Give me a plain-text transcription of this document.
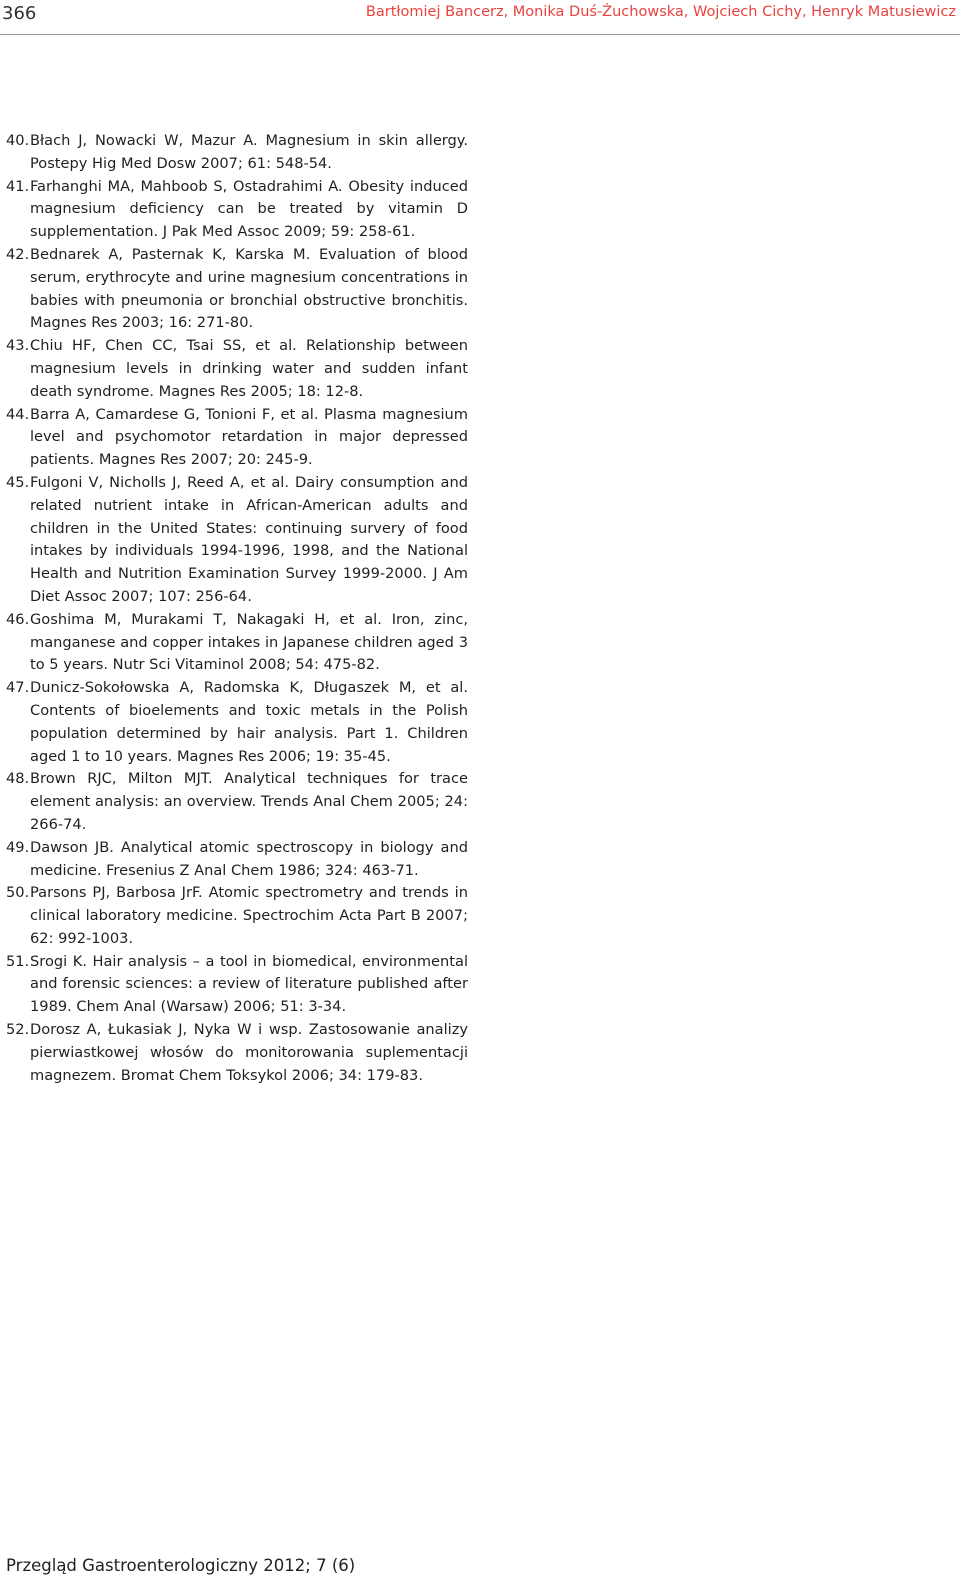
366	Bartłomiej Bancerz, Monika Duś-Żuchowska, Wojciech Cichy, Henryk Matusiewicz
40. Błach J, Nowacki W, Mazur A. Magnesium in skin allergy. Postepy Hig Med Dosw 2007; 61: 548-54.
41. Farhanghi MA, Mahboob S, Ostadrahimi A. Obesity induced magnesium deficiency can be treated by vitamin D supplementation. J Pak Med Assoc 2009; 59: 258-61.
42. Bednarek A, Pasternak K, Karska M. Evaluation of blood serum, erythrocyte and urine magnesium concentrations in babies with pneumonia or bronchial obstructive bronchitis. Magnes Res 2003; 16: 271-80.
43. Chiu HF, Chen CC, Tsai SS, et al. Relationship between magnesium levels in drinking water and sudden infant death syndrome. Magnes Res 2005; 18: 12-8.
44. Barra A, Camardese G, Tonioni F, et al. Plasma magnesium level and psychomotor retardation in major depressed patients. Magnes Res 2007; 20: 245-9.
45. Fulgoni V, Nicholls J, Reed A, et al. Dairy consumption and related nutrient intake in African-American adults and children in the United States: continuing survery of food intakes by individuals 1994-1996, 1998, and the National Health and Nutrition Examination Survey 1999-2000. J Am Diet Assoc 2007; 107: 256-64.
46. Goshima M, Murakami T, Nakagaki H, et al. Iron, zinc, manganese and copper intakes in Japanese children aged 3 to 5 years. Nutr Sci Vitaminol 2008; 54: 475-82.
47. Dunicz-Sokołowska A, Radomska K, Długaszek M, et al. Contents of bioelements and toxic metals in the Polish population determined by hair analysis. Part 1. Children aged 1 to 10 years. Magnes Res 2006; 19: 35-45.
48. Brown RJC, Milton MJT. Analytical techniques for trace element analysis: an overview. Trends Anal Chem 2005; 24: 266-74.
49. Dawson JB. Analytical atomic spectroscopy in biology and medicine. Fresenius Z Anal Chem 1986; 324: 463-71.
50. Parsons PJ, Barbosa JrF. Atomic spectrometry and trends in clinical laboratory medicine. Spectrochim Acta Part B 2007; 62: 992-1003.
51. Srogi K. Hair analysis – a tool in biomedical, environmental and forensic sciences: a review of literature published after 1989. Chem Anal (Warsaw) 2006; 51: 3-34.
52. Dorosz A, Łukasiak J, Nyka W i wsp. Zastosowanie analizy pierwiastkowej włosów do monitorowania suplementacji magnezem. Bromat Chem Toksykol 2006; 34: 179-83.
Przegląd Gastroenterologiczny 2012; 7 (6)
